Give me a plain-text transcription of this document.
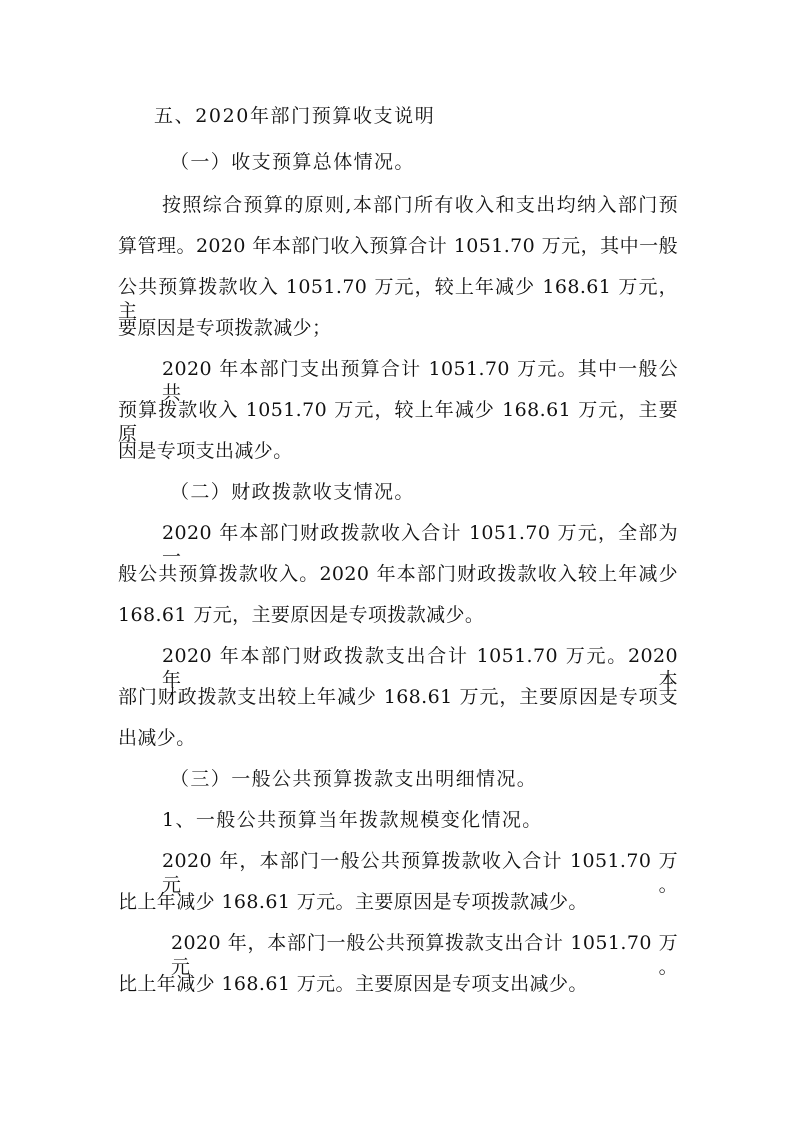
五、2020年部门预算收支说明
（一）收支预算总体情况。
按照综合预算的原则,本部门所有收入和支出均纳入部门预
算管理。2020 年本部门收入预算合计 1051.70 万元，其中一般
公共预算拨款收入 1051.70 万元，较上年减少 168.61 万元，主
要原因是专项拨款减少；
2020 年本部门支出预算合计 1051.70 万元。其中一般公共
预算拨款收入 1051.70 万元，较上年减少 168.61 万元，主要原
因是专项支出减少。
（二）财政拨款收支情况。
2020 年本部门财政拨款收入合计 1051.70 万元，全部为一
般公共预算拨款收入。2020 年本部门财政拨款收入较上年减少
168.61 万元，主要原因是专项拨款减少。
2020 年本部门财政拨款支出合计 1051.70 万元。2020 年本
部门财政拨款支出较上年减少 168.61 万元，主要原因是专项支
出减少。
（三）一般公共预算拨款支出明细情况。
1、一般公共预算当年拨款规模变化情况。
2020 年，本部门一般公共预算拨款收入合计 1051.70 万元。
比上年减少 168.61 万元。主要原因是专项拨款减少。
2020 年，本部门一般公共预算拨款支出合计 1051.70 万元。
比上年减少 168.61 万元。主要原因是专项支出减少。
